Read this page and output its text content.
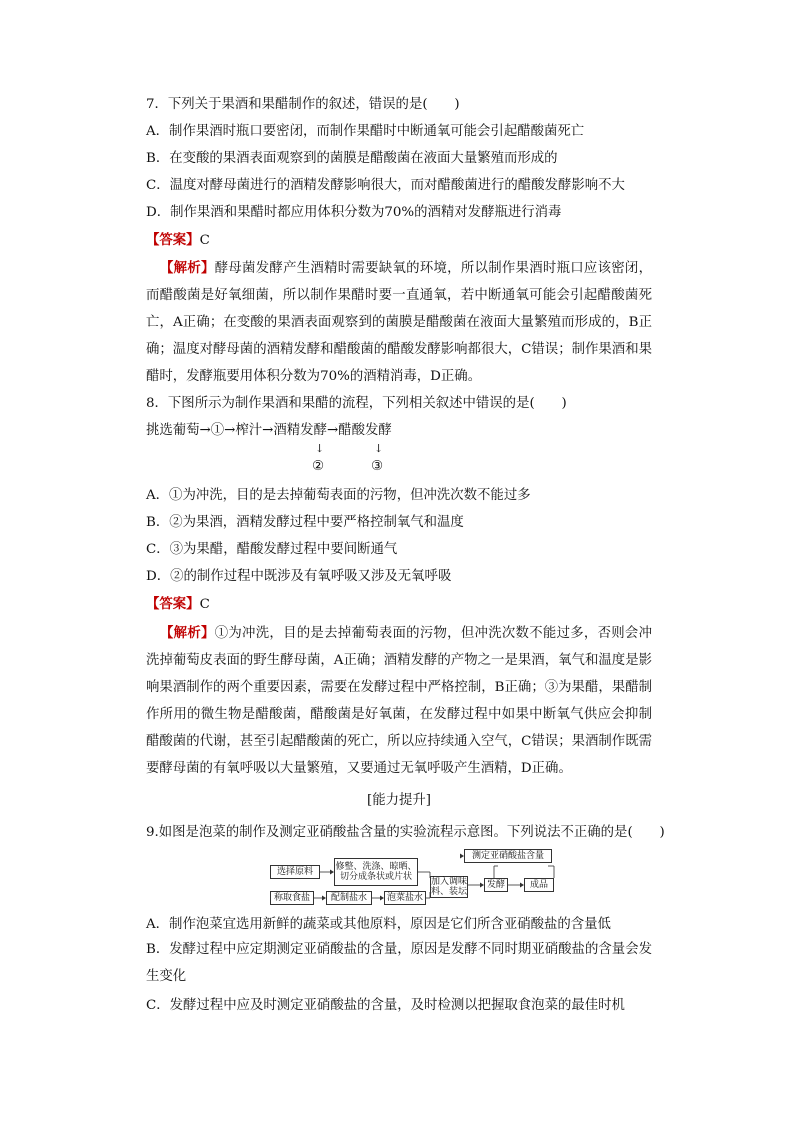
7．下列关于果酒和果醋制作的叙述，错误的是(　　)
A．制作果酒时瓶口要密闭，而制作果醋时中断通氧可能会引起醋酸菌死亡
B．在变酸的果酒表面观察到的菌膜是醋酸菌在液面大量繁殖而形成的
C．温度对酵母菌进行的酒精发酵影响很大，而对醋酸菌进行的醋酸发酵影响不大
D．制作果酒和果醋时都应用体积分数为70%的酒精对发酵瓶进行消毒
【答案】C
【解析】酵母菌发酵产生酒精时需要缺氧的环境，所以制作果酒时瓶口应该密闭，而醋酸菌是好氧细菌，所以制作果醋时要一直通氧，若中断通氧可能会引起醋酸菌死亡，A正确；在变酸的果酒表面观察到的菌膜是醋酸菌在液面大量繁殖而形成的，B正确；温度对酵母菌的酒精发酵和醋酸菌的醋酸发酵影响都很大，C错误；制作果酒和果醋时，发酵瓶要用体积分数为70%的酒精消毒，D正确。
8．下图所示为制作果酒和果醋的流程，下列相关叙述中错误的是(　　)
挑选葡萄→①→榨汁→酒精发酵→醋酸发酵
↓	↓
②	③
A．①为冲洗，目的是去掉葡萄表面的污物，但冲洗次数不能过多
B．②为果酒，酒精发酵过程中要严格控制氧气和温度
C．③为果醋，醋酸发酵过程中要间断通气
D．②的制作过程中既涉及有氧呼吸又涉及无氧呼吸
【答案】C
【解析】①为冲洗，目的是去掉葡萄表面的污物，但冲洗次数不能过多，否则会冲洗掉葡萄皮表面的野生酵母菌，A正确；酒精发酵的产物之一是果酒，氧气和温度是影响果酒制作的两个重要因素，需要在发酵过程中严格控制，B正确；③为果醋，果醋制作所用的微生物是醋酸菌，醋酸菌是好氧菌，在发酵过程中如果中断氧气供应会抑制醋酸菌的代谢，甚至引起醋酸菌的死亡，所以应持续通入空气，C错误；果酒制作既需要酵母菌的有氧呼吸以大量繁殖，又要通过无氧呼吸产生酒精，D正确。
[能力提升]
9.如图是泡菜的制作及测定亚硝酸盐含量的实验流程示意图。下列说法不正确的是(　　)
选择原料	修整、洗涤、晾晒、切分成条状或片状
称取食盐	配制盐水	泡菜盐水
加入调味料、装坛
发酵	成品
测定亚硝酸盐含量
A．制作泡菜宜选用新鲜的蔬菜或其他原料，原因是它们所含亚硝酸盐的含量低
B．发酵过程中应定期测定亚硝酸盐的含量，原因是发酵不同时期亚硝酸盐的含量会发生变化
C．发酵过程中应及时测定亚硝酸盐的含量，及时检测以把握取食泡菜的最佳时机
